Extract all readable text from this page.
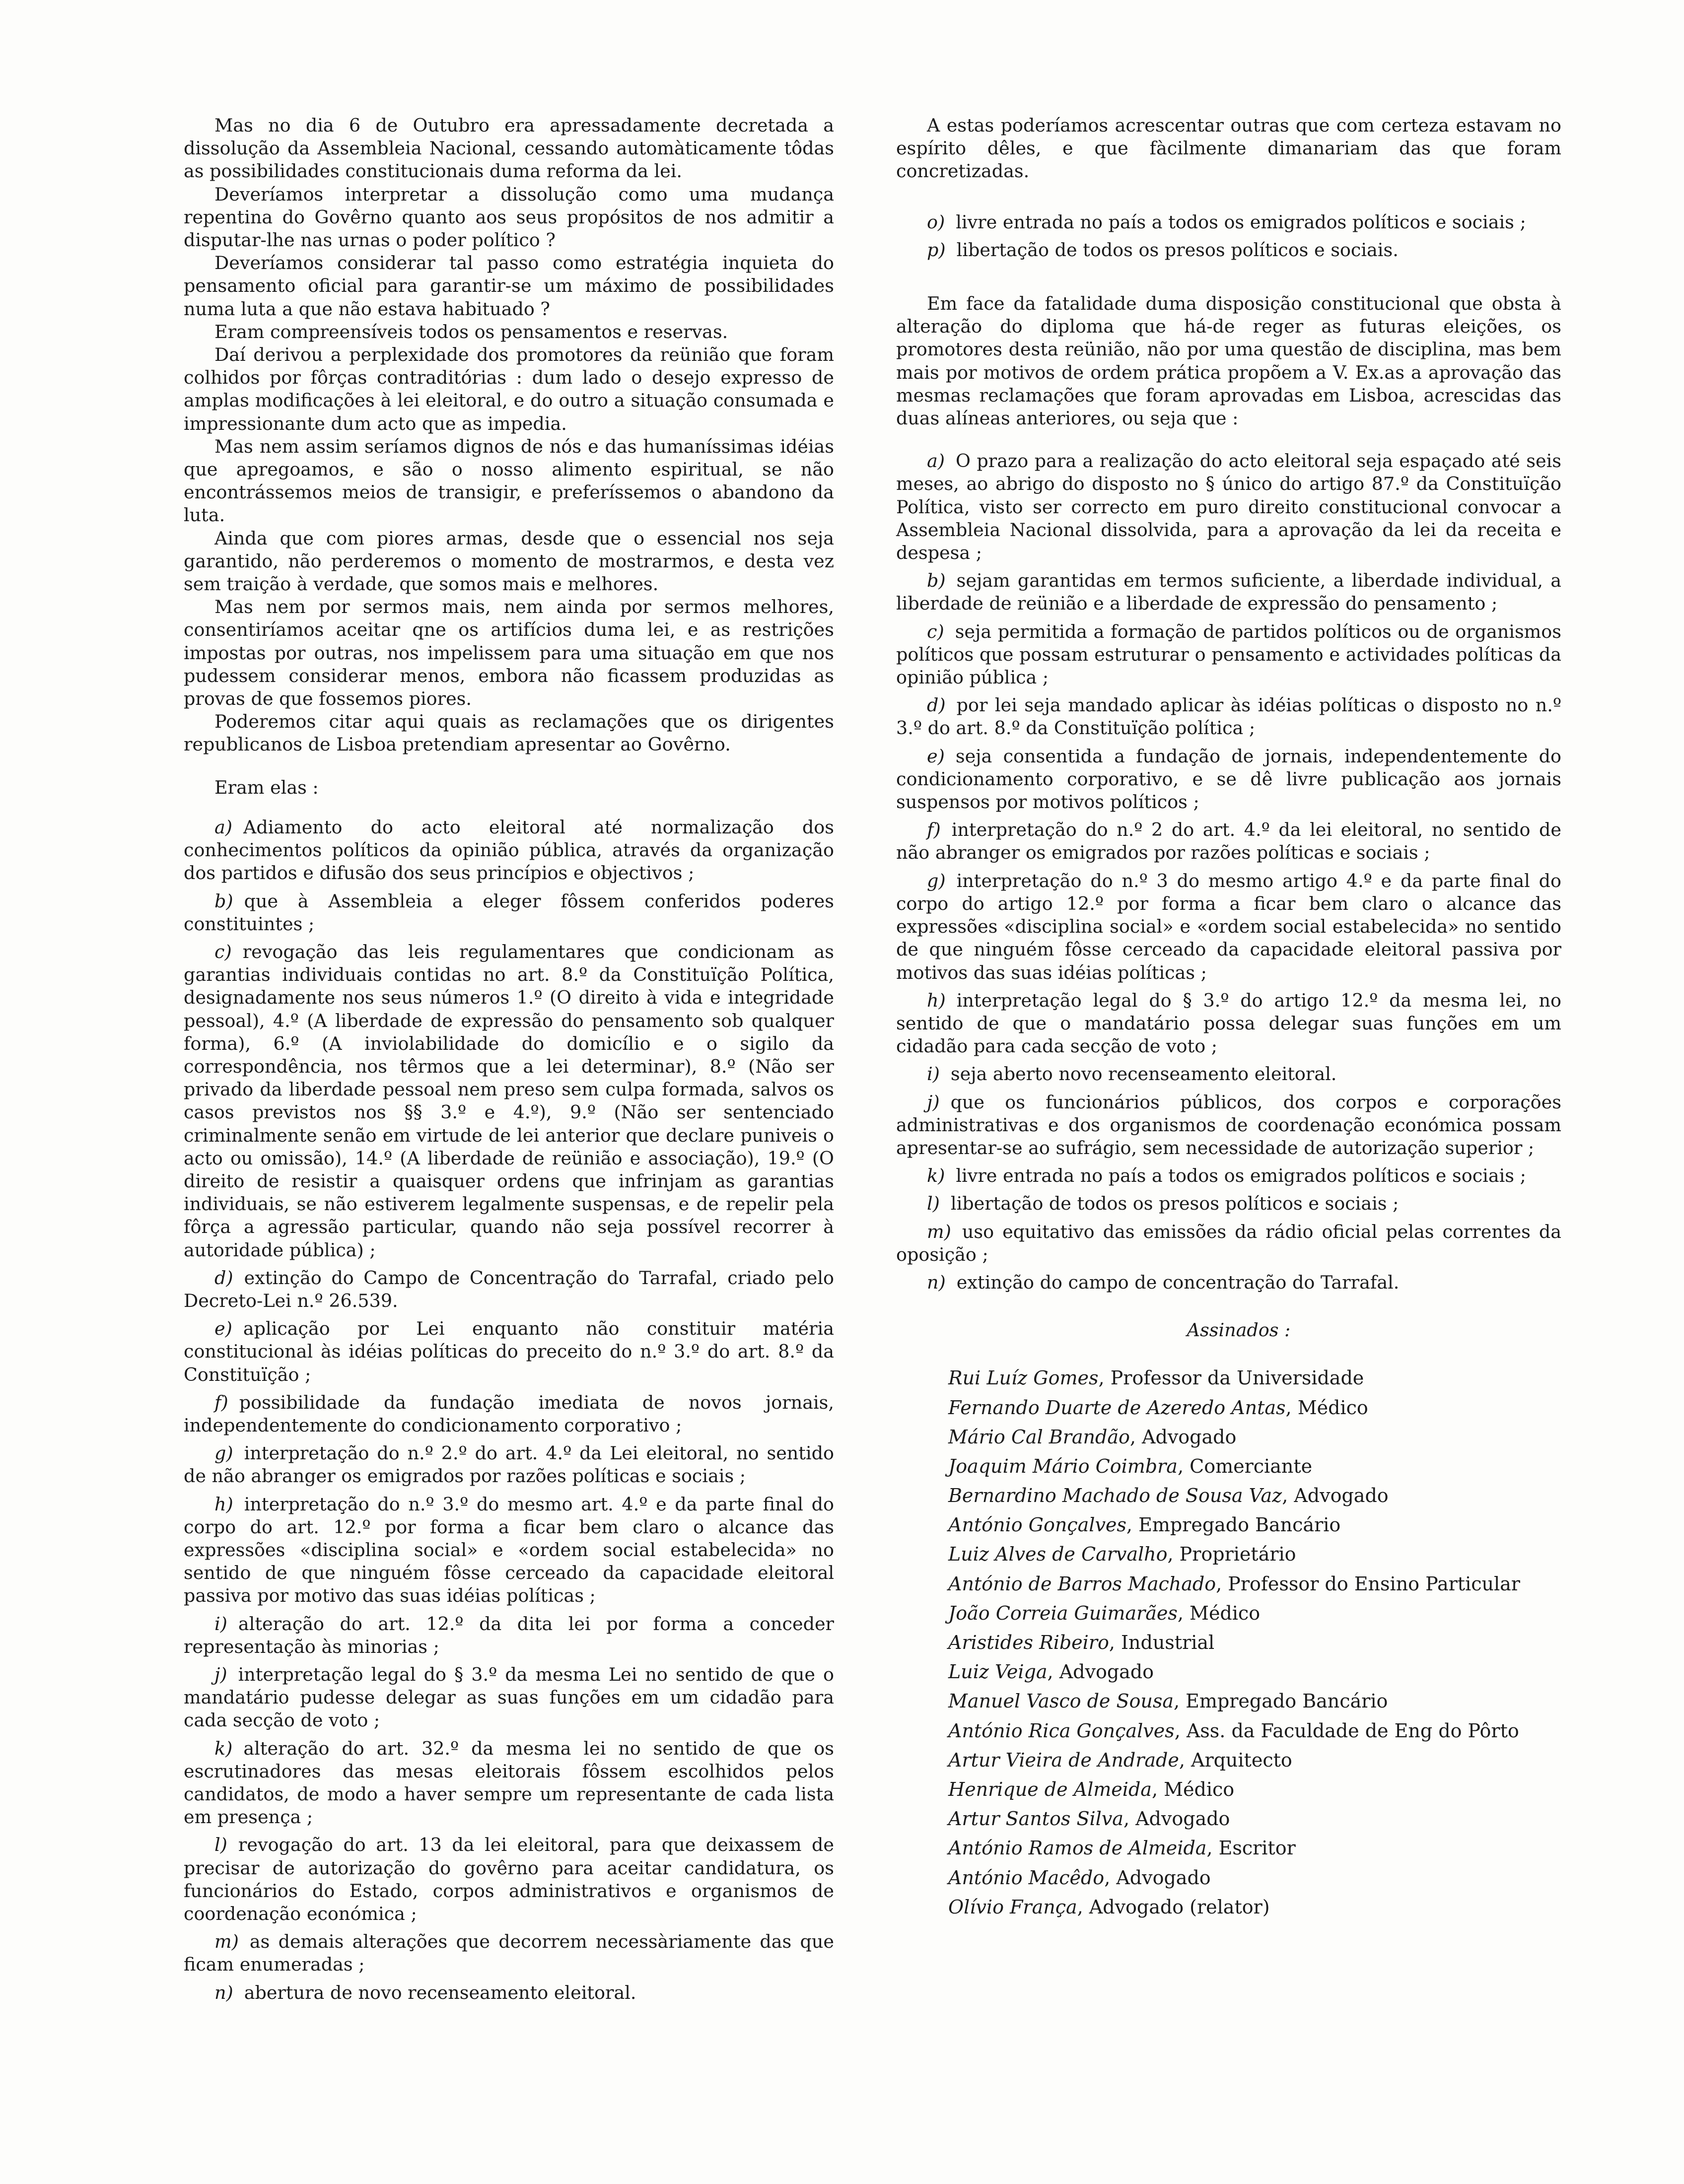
Mas no dia 6 de Outubro era apressadamente decretada a dissolução da Assembleia Nacional, cessando automàticamente tôdas as possibilidades constitucionais duma reforma da lei.

Deveríamos interpretar a dissolução como uma mudança repentina do Govêrno quanto aos seus propósitos de nos admitir a disputar-lhe nas urnas o poder político ?

Deveríamos considerar tal passo como estratégia inquieta do pensamento oficial para garantir-se um máximo de possibilidades numa luta a que não estava habituado ?

Eram compreensíveis todos os pensamentos e reservas.

Daí derivou a perplexidade dos promotores da reünião que foram colhidos por fôrças contraditórias : dum lado o desejo expresso de amplas modificações à lei eleitoral, e do outro a situação consumada e impressionante dum acto que as impedia.

Mas nem assim seríamos dignos de nós e das humaníssimas idéias que apregoamos, e são o nosso alimento espiritual, se não encontrássemos meios de transigir, e preferíssemos o abandono da luta.

Ainda que com piores armas, desde que o essencial nos seja garantido, não perderemos o momento de mostrarmos, e desta vez sem traição à verdade, que somos mais e melhores.

Mas nem por sermos mais, nem ainda por sermos melhores, consentiríamos aceitar qne os artifícios duma lei, e as restrições impostas por outras, nos impelissem para uma situação em que nos pudessem considerar menos, embora não ficassem produzidas as provas de que fossemos piores.

Poderemos citar aqui quais as reclamações que os dirigentes republicanos de Lisboa pretendiam apresentar ao Govêrno.

Eram elas :

a) Adiamento do acto eleitoral até normalização dos conhecimentos políticos da opinião pública, através da organização dos partidos e difusão dos seus princípios e objectivos ;

b) que à Assembleia a eleger fôssem conferidos poderes constituintes ;

c) revogação das leis regulamentares que condicionam as garantias individuais contidas no art. 8.º da Constituïção Política, designadamente nos seus números 1.º (O direito à vida e integridade pessoal), 4.º (A liberdade de expressão do pensamento sob qualquer forma), 6.º (A inviolabilidade do domicílio e o sigilo da correspondência, nos têrmos que a lei determinar), 8.º (Não ser privado da liberdade pessoal nem preso sem culpa formada, salvos os casos previstos nos §§ 3.º e 4.º), 9.º (Não ser sentenciado criminalmente senão em virtude de lei anterior que declare puniveis o acto ou omissão), 14.º (A liberdade de reünião e associação), 19.º (O direito de resistir a quaisquer ordens que infrinjam as garantias individuais, se não estiverem legalmente suspensas, e de repelir pela fôrça a agressão particular, quando não seja possível recorrer à autoridade pública) ;

d) extinção do Campo de Concentração do Tarrafal, criado pelo Decreto-Lei n.º 26.539.

e) aplicação por Lei enquanto não constituir matéria constitucional às idéias políticas do preceito do n.º 3.º do art. 8.º da Constituïção ;

f) possibilidade da fundação imediata de novos jornais, independentemente do condicionamento corporativo ;

g) interpretação do n.º 2.º do art. 4.º da Lei eleitoral, no sentido de não abranger os emigrados por razões políticas e sociais ;

h) interpretação do n.º 3.º do mesmo art. 4.º e da parte final do corpo do art. 12.º por forma a ficar bem claro o alcance das expressões «disciplina social» e «ordem social estabelecida» no sentido de que ninguém fôsse cerceado da capacidade eleitoral passiva por motivo das suas idéias políticas ;

i) alteração do art. 12.º da dita lei por forma a conceder representação às minorias ;

j) interpretação legal do § 3.º da mesma Lei no sentido de que o mandatário pudesse delegar as suas funções em um cidadão para cada secção de voto ;

k) alteração do art. 32.º da mesma lei no sentido de que os escrutinadores das mesas eleitorais fôssem escolhidos pelos candidatos, de modo a haver sempre um representante de cada lista em presença ;

l) revogação do art. 13 da lei eleitoral, para que deixassem de precisar de autorização do govêrno para aceitar candidatura, os funcionários do Estado, corpos administrativos e organismos de coordenação económica ;

m) as demais alterações que decorrem necessàriamente das que ficam enumeradas ;

n) abertura de novo recenseamento eleitoral.

A estas poderíamos acrescentar outras que com certeza estavam no espírito dêles, e que fàcilmente dimanariam das que foram concretizadas.

o) livre entrada no país a todos os emigrados políticos e sociais ;

p) libertação de todos os presos políticos e sociais.

Em face da fatalidade duma disposição constitucional que obsta à alteração do diploma que há-de reger as futuras eleições, os promotores desta reünião, não por uma questão de disciplina, mas bem mais por motivos de ordem prática propõem a V. Ex.as a aprovação das mesmas reclamações que foram aprovadas em Lisboa, acrescidas das duas alíneas anteriores, ou seja que :

a) O prazo para a realização do acto eleitoral seja espaçado até seis meses, ao abrigo do disposto no § único do artigo 87.º da Constituïção Política, visto ser correcto em puro direito constitucional convocar a Assembleia Nacional dissolvida, para a aprovação da lei da receita e despesa ;

b) sejam garantidas em termos suficiente, a liberdade individual, a liberdade de reünião e a liberdade de expressão do pensamento ;

c) seja permitida a formação de partidos políticos ou de organismos políticos que possam estruturar o pensamento e actividades políticas da opinião pública ;

d) por lei seja mandado aplicar às idéias políticas o disposto no n.º 3.º do art. 8.º da Constituïção política ;

e) seja consentida a fundação de jornais, independentemente do condicionamento corporativo, e se dê livre publicação aos jornais suspensos por motivos políticos ;

f) interpretação do n.º 2 do art. 4.º da lei eleitoral, no sentido de não abranger os emigrados por razões políticas e sociais ;

g) interpretação do n.º 3 do mesmo artigo 4.º e da parte final do corpo do artigo 12.º por forma a ficar bem claro o alcance das expressões «disciplina social» e «ordem social estabelecida» no sentido de que ninguém fôsse cerceado da capacidade eleitoral passiva por motivos das suas idéias políticas ;

h) interpretação legal do § 3.º do artigo 12.º da mesma lei, no sentido de que o mandatário possa delegar suas funções em um cidadão para cada secção de voto ;

i) seja aberto novo recenseamento eleitoral.

j) que os funcionários públicos, dos corpos e corporações administrativas e dos organismos de coordenação económica possam apresentar-se ao sufrágio, sem necessidade de autorização superior ;

k) livre entrada no país a todos os emigrados políticos e sociais ;

l) libertação de todos os presos políticos e sociais ;

m) uso equitativo das emissões da rádio oficial pelas correntes da oposição ;

n) extinção do campo de concentração do Tarrafal.

Assinados :

Rui Luíz Gomes, Professor da Universidade
Fernando Duarte de Azeredo Antas, Médico
Mário Cal Brandão, Advogado
Joaquim Mário Coimbra, Comerciante
Bernardino Machado de Sousa Vaz, Advogado
António Gonçalves, Empregado Bancário
Luiz Alves de Carvalho, Proprietário
António de Barros Machado, Professor do Ensino Particular
João Correia Guimarães, Médico
Aristides Ribeiro, Industrial
Luiz Veiga, Advogado
Manuel Vasco de Sousa, Empregado Bancário
António Rica Gonçalves, Ass. da Faculdade de Eng do Pôrto
Artur Vieira de Andrade, Arquitecto
Henrique de Almeida, Médico
Artur Santos Silva, Advogado
António Ramos de Almeida, Escritor
António Macêdo, Advogado
Olívio França, Advogado (relator)
